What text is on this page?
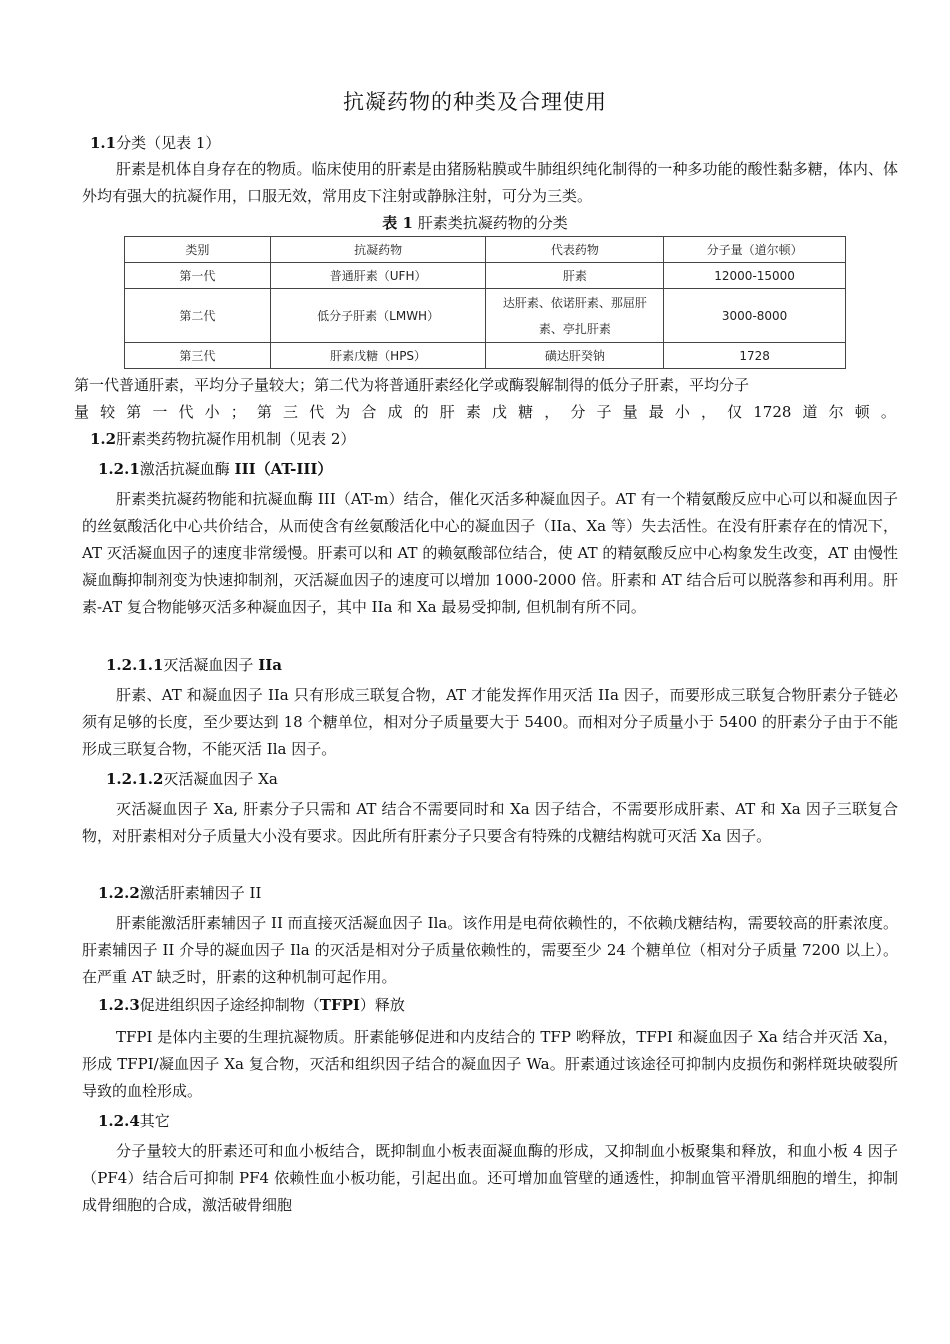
抗凝药物的种类及合理使用
1.1分类（见表 1）
肝素是机体自身存在的物质。临床使用的肝素是由猪肠粘膜或牛肺组织纯化制得的一种多功能的酸性黏多糖，体内、体外均有强大的抗凝作用，口服无效，常用皮下注射或静脉注射，可分为三类。
表 1 肝素类抗凝药物的分类
类别	抗凝药物	代表药物	分子量（道尔顿）
第一代	普通肝素（UFH）	肝素	12000-15000
第二代	低分子肝素（LMWH）	达肝素、依诺肝素、那屈肝素、亭扎肝素	3000-8000
第三代	肝素戊糖（HPS）	磺达肝癸钠	1728
第一代普通肝素，平均分子量较大；第二代为将普通肝素经化学或酶裂解制得的低分子肝素，平均分子
量 较 第 一 代 小 ； 第 三 代 为 合 成 的 肝 素 戊 糖 ， 分 子 量 最 小 ， 仅 1728 道 尔 顿 。
1.2肝素类药物抗凝作用机制（见表 2）
1.2.1激活抗凝血酶 III（AT-III）
肝素类抗凝药物能和抗凝血酶 III（AT-m）结合，催化灭活多种凝血因子。AT 有一个精氨酸反应中心可以和凝血因子的丝氨酸活化中心共价结合，从而使含有丝氨酸活化中心的凝血因子（IIa、Xa 等）失去活性。在没有肝素存在的情况下，AT 灭活凝血因子的速度非常缓慢。肝素可以和 AT 的赖氨酸部位结合，使 AT 的精氨酸反应中心构象发生改变，AT 由慢性凝血酶抑制剂变为快速抑制剂，灭活凝血因子的速度可以增加 1000-2000 倍。肝素和 AT 结合后可以脱落参和再利用。肝素-AT 复合物能够灭活多种凝血因子，其中 IIa 和 Xa 最易受抑制, 但机制有所不同。
1.2.1.1灭活凝血因子 IIa
肝素、AT 和凝血因子 IIa 只有形成三联复合物，AT 才能发挥作用灭活 IIa 因子，而要形成三联复合物肝素分子链必须有足够的长度，至少要达到 18 个糖单位，相对分子质量要大于 5400。而相对分子质量小于 5400 的肝素分子由于不能形成三联复合物，不能灭活 Ila 因子。
1.2.1.2灭活凝血因子 Xa
灭活凝血因子 Xa, 肝素分子只需和 AT 结合不需要同时和 Xa 因子结合，不需要形成肝素、AT 和 Xa 因子三联复合物，对肝素相对分子质量大小没有要求。因此所有肝素分子只要含有特殊的戊糖结构就可灭活 Xa 因子。
1.2.2激活肝素辅因子 II
肝素能激活肝素辅因子 II 而直接灭活凝血因子 Ila。该作用是电荷依赖性的，不依赖戊糖结构，需要较高的肝素浓度。肝素辅因子 II 介导的凝血因子 Ila 的灭活是相对分子质量依赖性的，需要至少 24 个糖单位（相对分子质量 7200 以上）。在严重 AT 缺乏时，肝素的这种机制可起作用。
1.2.3促进组织因子途经抑制物（TFPI）释放
TFPI 是体内主要的生理抗凝物质。肝素能够促进和内皮结合的 TFP 哟释放，TFPI 和凝血因子 Xa 结合并灭活 Xa，形成 TFPI/凝血因子 Xa 复合物，灭活和组织因子结合的凝血因子 Wa。肝素通过该途径可抑制内皮损伤和粥样斑块破裂所导致的血栓形成。
1.2.4其它
分子量较大的肝素还可和血小板结合，既抑制血小板表面凝血酶的形成，又抑制血小板聚集和释放，和血小板 4 因子（PF4）结合后可抑制 PF4 依赖性血小板功能，引起出血。还可增加血管壁的通透性，抑制血管平滑肌细胞的增生，抑制成骨细胞的合成，激活破骨细胞
